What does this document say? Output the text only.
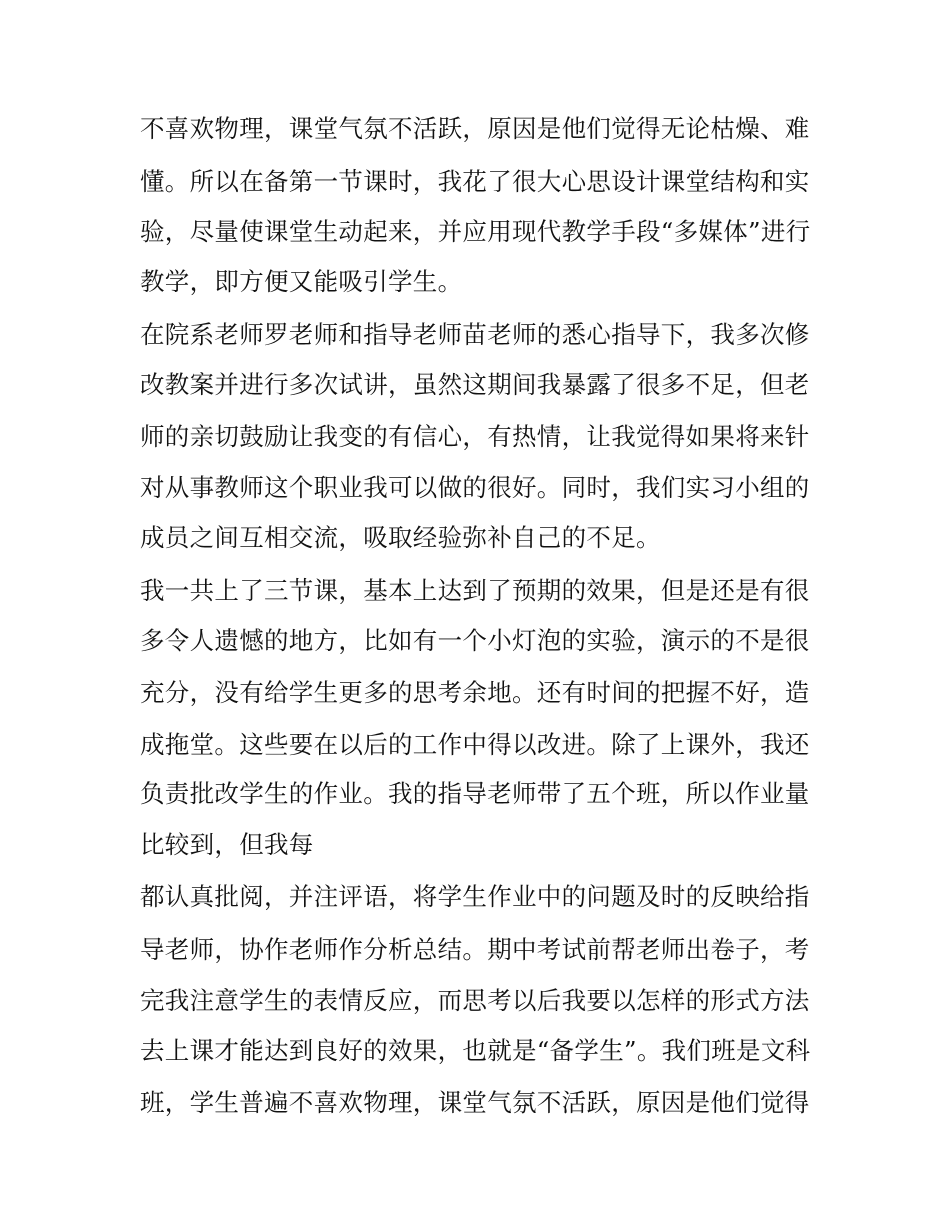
不喜欢物理，课堂气氛不活跃，原因是他们觉得无论枯燥、难
懂。所以在备第一节课时，我花了很大心思设计课堂结构和实
验，尽量使课堂生动起来，并应用现代教学手段“多媒体”进行
教学，即方便又能吸引学生。
在院系老师罗老师和指导老师苗老师的悉心指导下，我多次修
改教案并进行多次试讲，虽然这期间我暴露了很多不足，但老
师的亲切鼓励让我变的有信心，有热情，让我觉得如果将来针
对从事教师这个职业我可以做的很好。同时，我们实习小组的
成员之间互相交流，吸取经验弥补自己的不足。
我一共上了三节课，基本上达到了预期的效果，但是还是有很
多令人遗憾的地方，比如有一个小灯泡的实验，演示的不是很
充分，没有给学生更多的思考余地。还有时间的把握不好，造
成拖堂。这些要在以后的工作中得以改进。除了上课外，我还
负责批改学生的作业。我的指导老师带了五个班，所以作业量
比较到，但我每
都认真批阅，并注评语，将学生作业中的问题及时的反映给指
导老师，协作老师作分析总结。期中考试前帮老师出卷子，考
完我注意学生的表情反应，而思考以后我要以怎样的形式方法
去上课才能达到良好的效果，也就是“备学生”。我们班是文科
班，学生普遍不喜欢物理，课堂气氛不活跃，原因是他们觉得
